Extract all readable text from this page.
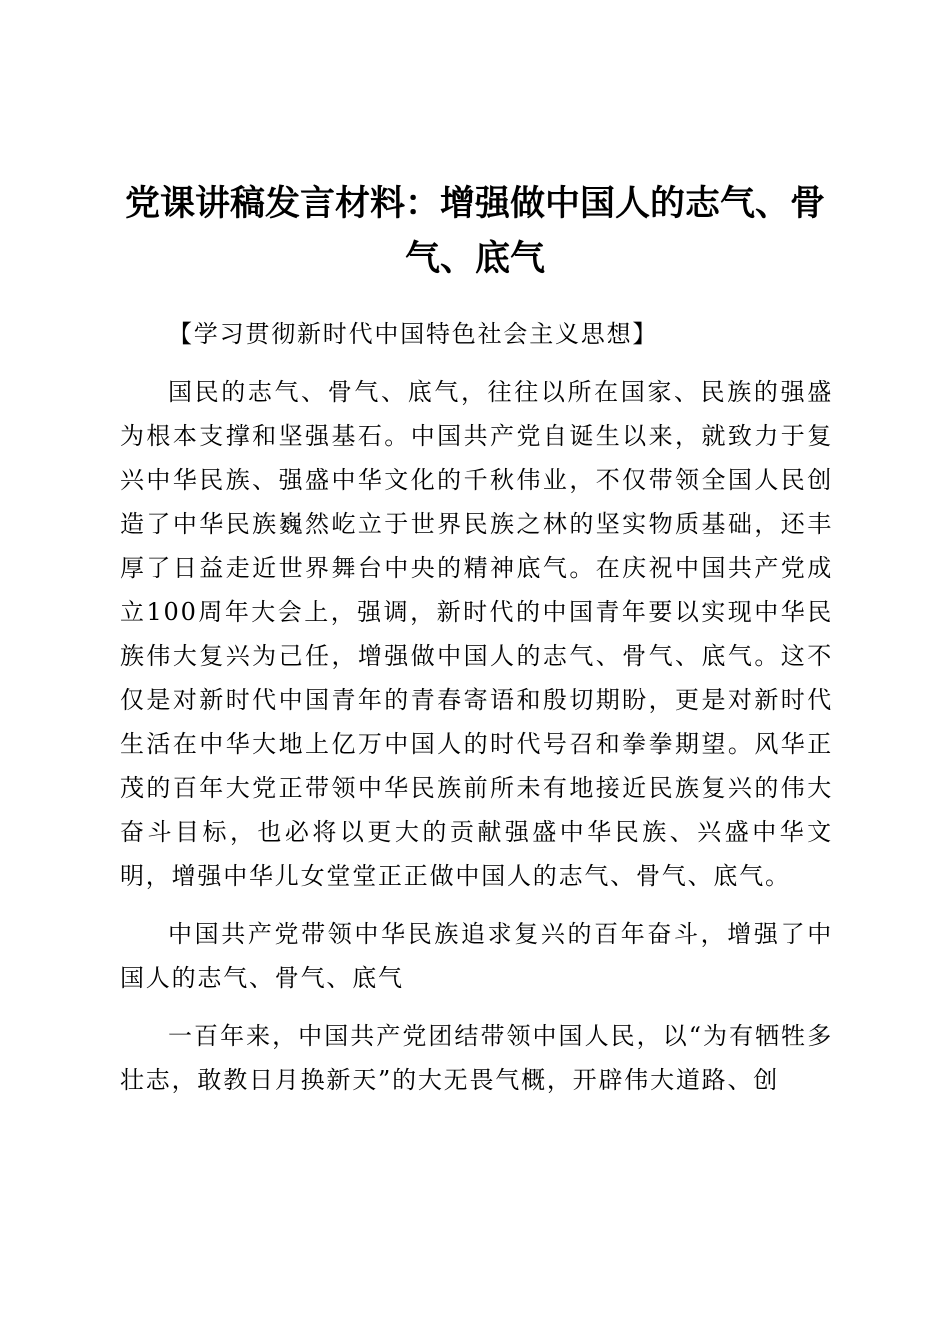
党课讲稿发言材料：增强做中国人的志气、骨气、底气

【学习贯彻新时代中国特色社会主义思想】

国民的志气、骨气、底气，往往以所在国家、民族的强盛为根本支撑和坚强基石。中国共产党自诞生以来，就致力于复兴中华民族、强盛中华文化的千秋伟业，不仅带领全国人民创造了中华民族巍然屹立于世界民族之林的坚实物质基础，还丰厚了日益走近世界舞台中央的精神底气。在庆祝中国共产党成立100周年大会上，强调，新时代的中国青年要以实现中华民族伟大复兴为己任，增强做中国人的志气、骨气、底气。这不仅是对新时代中国青年的青春寄语和殷切期盼，更是对新时代生活在中华大地上亿万中国人的时代号召和拳拳期望。风华正茂的百年大党正带领中华民族前所未有地接近民族复兴的伟大奋斗目标，也必将以更大的贡献强盛中华民族、兴盛中华文明，增强中华儿女堂堂正正做中国人的志气、骨气、底气。

中国共产党带领中华民族追求复兴的百年奋斗，增强了中国人的志气、骨气、底气

一百年来，中国共产党团结带领中国人民，以“为有牺牲多壮志，敢教日月换新天”的大无畏气概，开辟伟大道路、创
